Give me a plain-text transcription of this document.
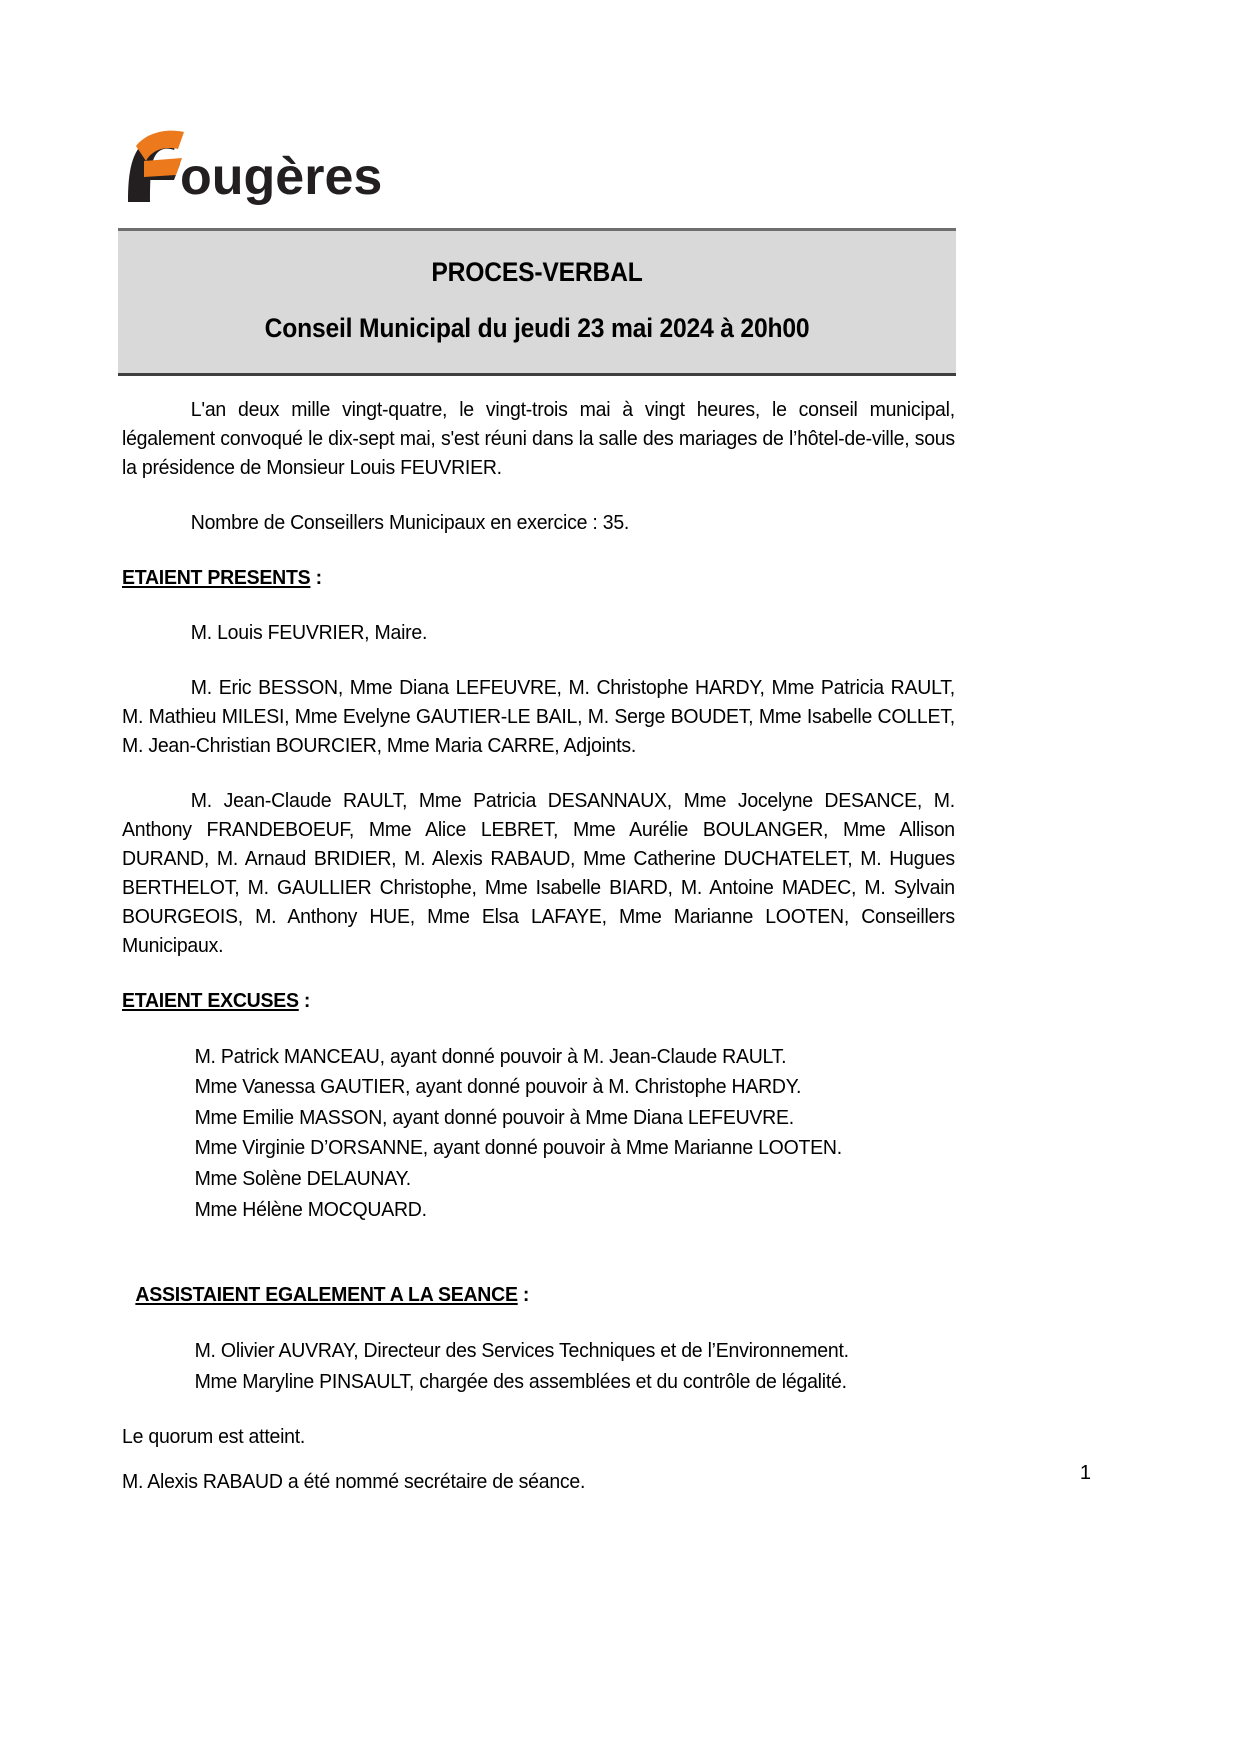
ougères
PROCES-VERBAL
Conseil Municipal du jeudi 23 mai 2024 à 20h00

L'an deux mille vingt-quatre, le vingt-trois mai à vingt heures, le conseil municipal, légalement convoqué le dix-sept mai, s'est réuni dans la salle des mariages de l’hôtel-de-ville, sous la présidence de Monsieur Louis FEUVRIER.

Nombre de Conseillers Municipaux en exercice : 35.

ETAIENT PRESENTS :

M. Louis FEUVRIER, Maire.

M. Eric BESSON, Mme Diana LEFEUVRE, M. Christophe HARDY, Mme Patricia RAULT, M. Mathieu MILESI, Mme Evelyne GAUTIER-LE BAIL, M. Serge BOUDET, Mme Isabelle COLLET, M. Jean-Christian BOURCIER, Mme Maria CARRE, Adjoints.

M. Jean-Claude RAULT, Mme Patricia DESANNAUX, Mme Jocelyne DESANCE, M. Anthony FRANDEBOEUF, Mme Alice LEBRET, Mme Aurélie BOULANGER, Mme Allison DURAND, M. Arnaud BRIDIER, M. Alexis RABAUD, Mme Catherine DUCHATELET, M. Hugues BERTHELOT, M. GAULLIER Christophe, Mme Isabelle BIARD, M. Antoine MADEC, M. Sylvain BOURGEOIS, M. Anthony HUE, Mme Elsa LAFAYE, Mme Marianne LOOTEN, Conseillers Municipaux.

ETAIENT EXCUSES :

M. Patrick MANCEAU, ayant donné pouvoir à M. Jean-Claude RAULT.

Mme Vanessa GAUTIER, ayant donné pouvoir à M. Christophe HARDY.

Mme Emilie MASSON, ayant donné pouvoir à Mme Diana LEFEUVRE.

Mme Virginie D’ORSANNE, ayant donné pouvoir à Mme Marianne LOOTEN.

Mme Solène DELAUNAY.

Mme Hélène MOCQUARD.

ASSISTAIENT EGALEMENT A LA SEANCE :

M. Olivier AUVRAY, Directeur des Services Techniques et de l’Environnement.

Mme Maryline PINSAULT, chargée des assemblées et du contrôle de légalité.

Le quorum est atteint.

M. Alexis RABAUD a été nommé secrétaire de séance.	1
